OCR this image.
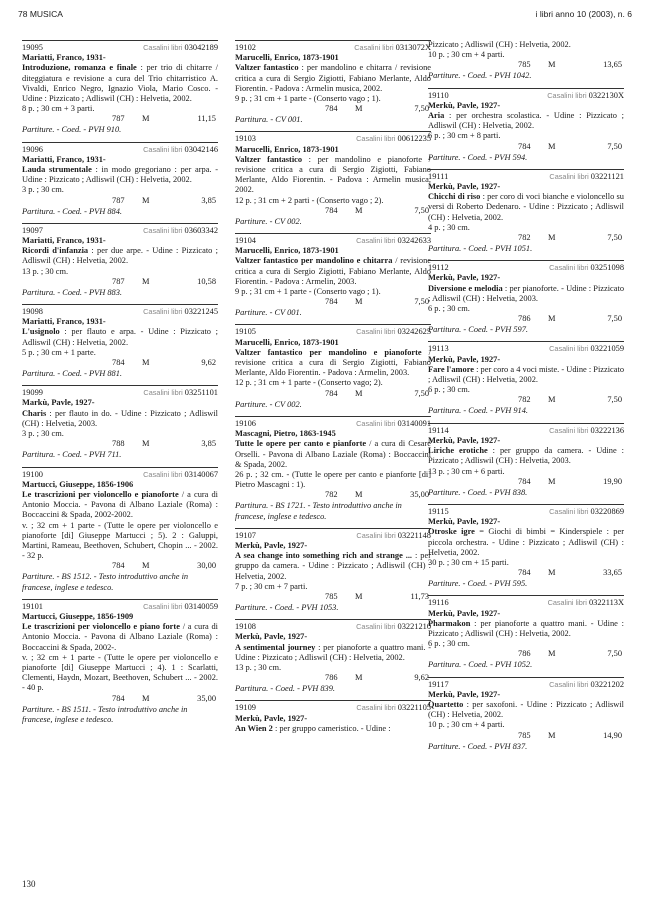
78 MUSICA	i libri anno 10 (2003), n. 6
19095	Casalini libri 03042189
Mariatti, Franco, 1931-
Introduzione, romanza e finale : per trio di chitarre / diteggiatura e revisione a cura del Trio chitarristico A. Vivaldi, Enrico Negro, Ignazio Viola, Mario Cosco. - Udine : Pizzicato ; Adliswil (CH) : Helvetia, 2002.
8 p. ; 30 cm + 3 parti.
787 M	11,15
Partiture. - Coed. - PVH 910.
19096	Casalini libri 03042146
Mariatti, Franco, 1931-
Lauda strumentale : in modo gregoriano : per arpa. - Udine : Pizzicato ; Adliswil (CH) : Helvetia, 2002.
3 p. ; 30 cm.
787 M	3,85
Partitura. - Coed. - PVH 884.
19097	Casalini libri 03603342
Mariatti, Franco, 1931-
Ricordi d'infanzia : per due arpe. - Udine : Pizzicato ; Adliswil (CH) : Helvetia, 2002.
13 p. ; 30 cm.
787 M	10,58
Partitura. - Coed. - PVH 883.
19098	Casalini libri 03221245
Mariatti, Franco, 1931-
L'usignolo : per flauto e arpa. - Udine : Pizzicato ; Adliswil (CH) : Helvetia, 2002.
5 p. ; 30 cm + 1 parte.
784 M	9,62
Partitura. - Coed. - PVH 881.
19099	Casalini libri 03251101
Markù, Pavle, 1927-
Charis : per flauto in do. - Udine : Pizzicato ; Adliswil (CH) : Helvetia, 2003.
3 p. ; 30 cm.
788 M	3,85
Partitura. - Coed. - PVH 711.
19100	Casalini libri 03140067
Martucci, Giuseppe, 1856-1906
Le trascrizioni per violoncello e pianoforte / a cura di Antonio Moccia. - Pavona di Albano Laziale (Roma) : Boccaccini & Spada, 2002-2002.
v. ; 32 cm + 1 parte - (Tutte le opere per violoncello e pianoforte [di] Giuseppe Martucci ; 5). 2 : Galuppi, Martini, Rameau, Beethoven, Schubert, Chopin ... - 2002. - 32 p.
784 M	30,00
Partiture. - BS 1512. - Testo introduttivo anche in francese, inglese e tedesco.
19101	Casalini libri 03140059
Martucci, Giuseppe, 1856-1909
Le trascrizioni per violoncello e piano forte / a cura di Antonio Moccia. - Pavona di Albano Laziale (Roma) : Boccaccini & Spada, 2002-.
v. ; 32 cm + 1 parte - (Tutte le opere per violoncello e pianoforte [di] Giuseppe Martucci ; 4). 1 : Scarlatti, Clementi, Haydn, Mozart, Beethoven, Schubert ... - 2002. - 40 p.
784 M	35,00
Partiture. - BS 1511. - Testo introduttivo anche in francese, inglese e tedesco.
19102	Casalini libri 0313072X
Marucelli, Enrico, 1873-1901
Valtzer fantastico : per mandolino e chitarra / revisione critica a cura di Sergio Zigiotti, Fabiano Merlante, Aldo Fiorentin. - Padova : Armelin musica, 2002.
9 p. ; 31 cm + 1 parte - (Conserto vago ; 1).
784 M	7,50
Partitura. - CV 001.
19103	Casalini libri 00612235
Marucelli, Enrico, 1873-1901
Valtzer fantastico : per mandolino e pianoforte / revisione critica a cura di Sergio Zigiotti, Fabiano Merlante, Aldo Fiorentin. - Padova : Armelin musica, 2002.
12 p. ; 31 cm + 2 parti - (Conserto vago ; 2).
784 M	7,50
Partiture. - CV 002.
19104	Casalini libri 03242633
Marucelli, Enrico, 1873-1901
Valtzer fantastico per mandolino e chitarra / revisione critica a cura di Sergio Zigiotti, Fabiano Merlante, Aldo Fiorentin. - Padova : Armelin, 2003.
9 p. ; 31 cm + 1 parte - (Conserto vago ; 1).
784 M	7,50
Partiture. - CV 001.
19105	Casalini libri 03242625
Marucelli, Enrico, 1873-1901
Valtzer fantastico per mandolino e pianoforte / revisione critica a cura di Sergio Zigiotti, Fabiano Merlante, Aldo Fiorentin. - Padova : Armelin, 2003.
12 p. ; 31 cm + 1 parte - (Conserto vago; 2).
784 M	7,50
Partiture. - CV 002.
19106	Casalini libri 03140091
Mascagni, Pietro, 1863-1945
Tutte le opere per canto e pianforte / a cura di Cesare Orselli. - Pavona di Albano Laziale (Roma) : Boccaccini & Spada, 2002.
26 p. ; 32 cm. - (Tutte le opere per canto e pianforte [di] Pietro Mascagni : 1).
782 M	35,00
Partitura. - BS 1721. - Testo introduttivo anche in francese, inglese e tedesco.
19107	Casalini libri 03221148
Merkù, Pavle, 1927-
A sea change into something rich and strange ... : per gruppo da camera. - Udine : Pizzicato ; Adliswil (CH) : Helvetia, 2002.
7 p. ; 30 cm + 7 parti.
785 M	11,73
Partiture. - Coed. - PVH 1053.
19108	Casalini libri 03221210
Merkù, Pavle, 1927-
A sentimental journey : per pianoforte a quattro mani. - Udine : Pizzicato ; Adliswil (CH) : Helvetia, 2002.
13 p. ; 30 cm.
786 M	9,62
Partitura. - Coed. - PVH 839.
19109	Casalini libri 03221105
Merkù, Pavle, 1927-
An Wien 2 : per gruppo cameristico. - Udine :
Pizzicato ; Adliswil (CH) : Helvetia, 2002.
10 p. ; 30 cm + 4 parti.
785 M	13,65
Partiture. - Coed. - PVH 1042.
19110	Casalini libri 0322130X
Merkù, Pavle, 1927-
Aria : per orchestra scolastica. - Udine : Pizzicato ; Adliswil (CH) : Helvetia, 2002.
6 p. ; 30 cm + 8 parti.
784 M	7,50
Partiture. - Coed. - PVH 594.
19111	Casalini libri 03221121
Merkù, Pavle, 1927-
Chicchi di riso : per coro di voci bianche e violoncello su versi di Roberto Dedenaro. - Udine : Pizzicato ; Adliswil (CH) : Helvetia, 2002.
4 p. ; 30 cm.
782 M	7,50
Partitura. - Coed. - PVH 1051.
19112	Casalini libri 03251098
Merkù, Pavle, 1927-
Diversione e melodia : per pianoforte. - Udine : Pizzicato ; Adliswil (CH) : Helvetia, 2003.
6 p. ; 30 cm.
786 M	7,50
Partitura. - Coed. - PVH 597.
19113	Casalini libri 03221059
Merkù, Pavle, 1927-
Fare l'amore : per coro a 4 voci miste. - Udine : Pizzicato ; Adliswil (CH) : Helvetia, 2002.
6 p. ; 30 cm.
782 M	7,50
Partitura. - Coed. - PVH 914.
19114	Casalini libri 03222136
Merkù, Pavle, 1927-
Liriche erotiche : per gruppo da camera. - Udine : Pizzicato ; Adliswil (CH) : Helvetia, 2003.
13 p. ; 30 cm + 6 parti.
784 M	19,90
Partiture. - Coed. - PVH 838.
19115	Casalini libri 03220869
Merkù, Pavle, 1927-
Otroske igre = Giochi di bimbi = Kinderspiele : per piccola orchestra. - Udine : Pizzicato ; Adliswil (CH) : Helvetia, 2002.
30 p. ; 30 cm + 15 parti.
784 M	33,65
Partiture. - Coed. - PVH 595.
19116	Casalini libri 0322113X
Merkù, Pavle, 1927-
Pharmakon : per pianoforte a quattro mani. - Udine : Pizzicato ; Adliswil (CH) : Helvetia, 2002.
6 p. ; 30 cm.
786 M	7,50
Partitura. - Coed. - PVH 1052.
19117	Casalini libri 03221202
Merkù, Pavle, 1927-
Quartetto : per saxofoni. - Udine : Pizzicato ; Adliswil (CH) : Helvetia, 2002.
10 p. ; 30 cm + 4 parti.
785 M	14,90
Partiture. - Coed. - PVH 837.
130
